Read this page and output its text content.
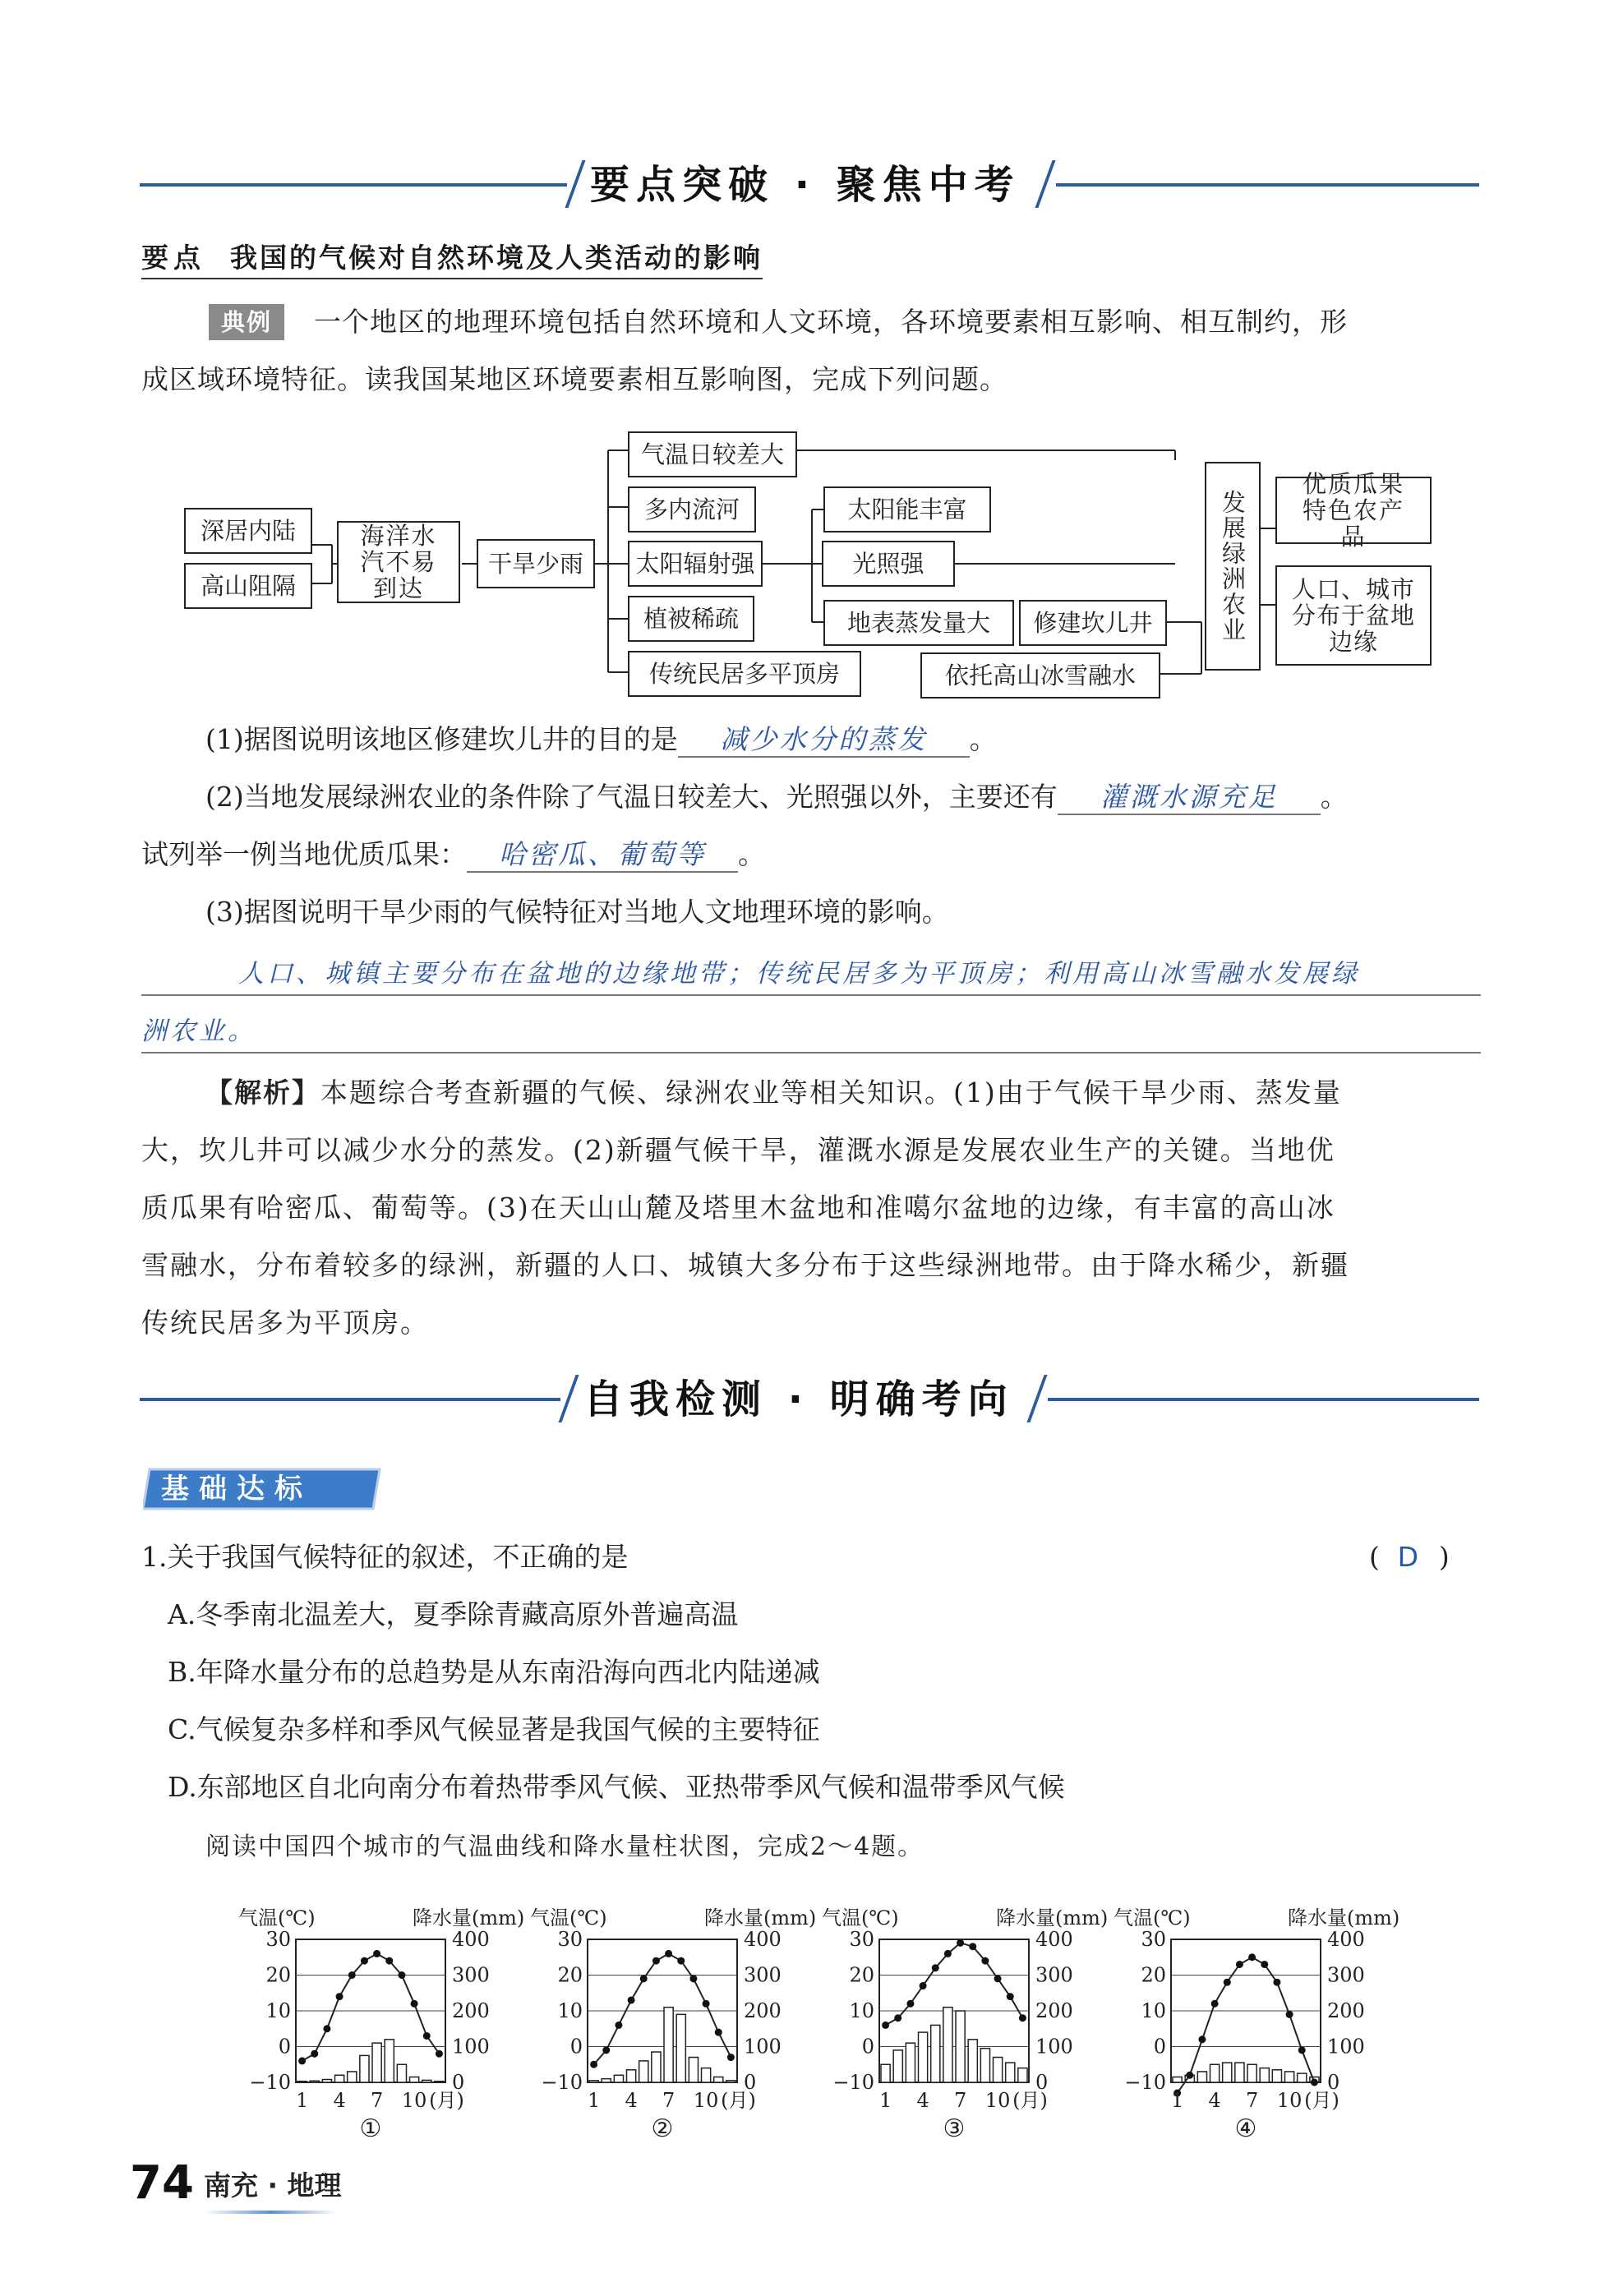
要点突破 · 聚焦中考
要点 我国的气候对自然环境及人类活动的影响
典例	一个地区的地理环境包括自然环境和人文环境，各环境要素相互影响、相互制约，形
成区域环境特征。读我国某地区环境要素相互影响图，完成下列问题。
深居内陆
高山阻隔
海洋水汽不易到达
干旱少雨
气温日较差大
多内流河
太阳辐射强
植被稀疏
传统民居多平顶房
太阳能丰富
光照强
地表蒸发量大	修建坎儿井
依托高山冰雪融水
发展绿洲农业
优质瓜果特色农产品
人口、城市分布于盆地边缘
(1)据图说明该地区修建坎儿井的目的是 减少水分的蒸发 。
(2)当地发展绿洲农业的条件除了气温日较差大、光照强以外，主要还有 灌溉水源充足 。
试列举一例当地优质瓜果： 哈密瓜、葡萄等 。
(3)据图说明干旱少雨的气候特征对当地人文地理环境的影响。
人口、城镇主要分布在盆地的边缘地带；传统民居多为平顶房；利用高山冰雪融水发展绿
洲农业。
【解析】本题综合考查新疆的气候、绿洲农业等相关知识。(1)由于气候干旱少雨、蒸发量
大，坎儿井可以减少水分的蒸发。(2)新疆气候干旱，灌溉水源是发展农业生产的关键。当地优
质瓜果有哈密瓜、葡萄等。(3)在天山山麓及塔里木盆地和准噶尔盆地的边缘，有丰富的高山冰
雪融水，分布着较多的绿洲，新疆的人口、城镇大多分布于这些绿洲地带。由于降水稀少，新疆
传统民居多为平顶房。
自我检测 · 明确考向
基础达标
1.关于我国气候特征的叙述，不正确的是	( D )
A.冬季南北温差大，夏季除青藏高原外普遍高温
B.年降水量分布的总趋势是从东南沿海向西北内陆递减
C.气候复杂多样和季风气候显著是我国气候的主要特征
D.东部地区自北向南分布着热带季风气候、亚热带季风气候和温带季风气候
阅读中国四个城市的气温曲线和降水量柱状图，完成2～4题。
气温(℃)	降水量(mm)
−10	0
0	100
10	200
20	300
30	400
1 4 7 10 (月)
①
气温(℃)	降水量(mm)
−10	0
0	100
10	200
20	300
30	400
1 4 7 10 (月)
②
气温(℃)	降水量(mm)
−10	0
0	100
10	200
20	300
30	400
1 4 7 10 (月)
③
气温(℃)	降水量(mm)
−10	0
0	100
10	200
20	300
30	400
1 4 7 10 (月)
④
74 南充 · 地理
